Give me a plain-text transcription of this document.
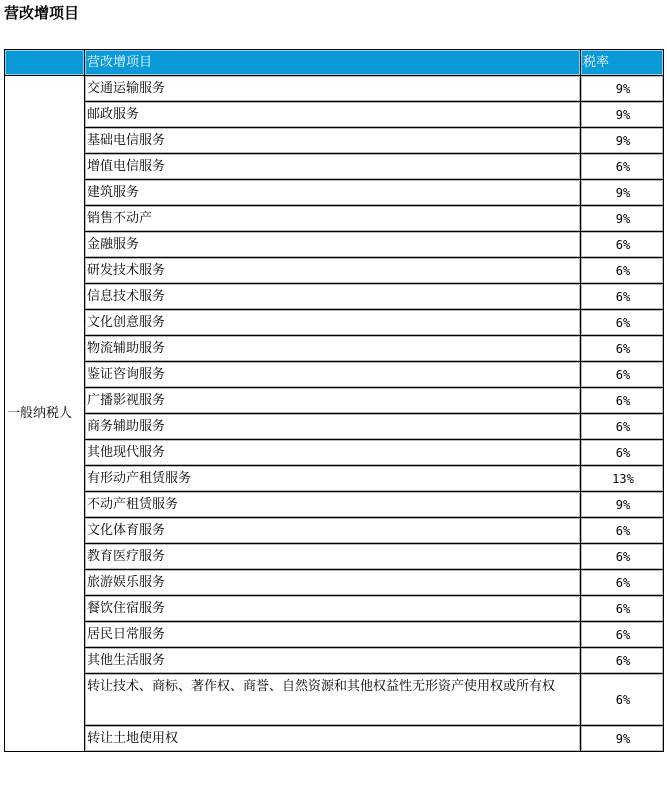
营改增项目
	营改增项目	税率
一般纳税人	交通运输服务	9%
	邮政服务	9%
	基础电信服务	9%
	增值电信服务	6%
	建筑服务	9%
	销售不动产	9%
	金融服务	6%
	研发技术服务	6%
	信息技术服务	6%
	文化创意服务	6%
	物流辅助服务	6%
	鉴证咨询服务	6%
	广播影视服务	6%
	商务辅助服务	6%
	其他现代服务	6%
	有形动产租赁服务	13%
	不动产租赁服务	9%
	文化体育服务	6%
	教育医疗服务	6%
	旅游娱乐服务	6%
	餐饮住宿服务	6%
	居民日常服务	6%
	其他生活服务	6%
	转让技术、商标、著作权、商誉、自然资源和其他权益性无形资产使用权或所有权	6%
	转让土地使用权	9%
